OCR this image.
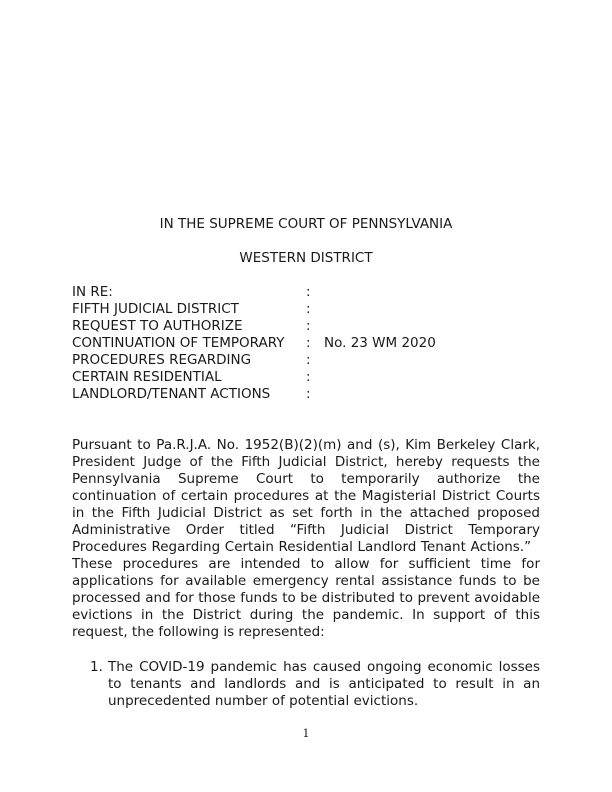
IN THE SUPREME COURT OF PENNSYLVANIA
WESTERN DISTRICT
IN RE:	:
FIFTH JUDICIAL DISTRICT	:
REQUEST TO AUTHORIZE	:
CONTINUATION OF TEMPORARY	: No. 23 WM 2020
PROCEDURES REGARDING	:
CERTAIN RESIDENTIAL	:
LANDLORD/TENANT ACTIONS	:

Pursuant to Pa.R.J.A. No. 1952(B)(2)(m) and (s), Kim Berkeley Clark, President Judge of the Fifth Judicial District, hereby requests the Pennsylvania Supreme Court to temporarily authorize the continuation of certain procedures at the Magisterial District Courts in the Fifth Judicial District as set forth in the attached proposed Administrative Order titled “Fifth Judicial District Temporary Procedures Regarding Certain Residential Landlord Tenant Actions.”   These procedures are intended to allow for sufficient time for applications for available emergency rental assistance funds to be processed and for those funds to be distributed to prevent avoidable evictions in the District during the pandemic. In support of this request, the following is represented:

1. The COVID-19 pandemic has caused ongoing economic losses to tenants and landlords and is anticipated to result in an unprecedented number of potential evictions.
1
